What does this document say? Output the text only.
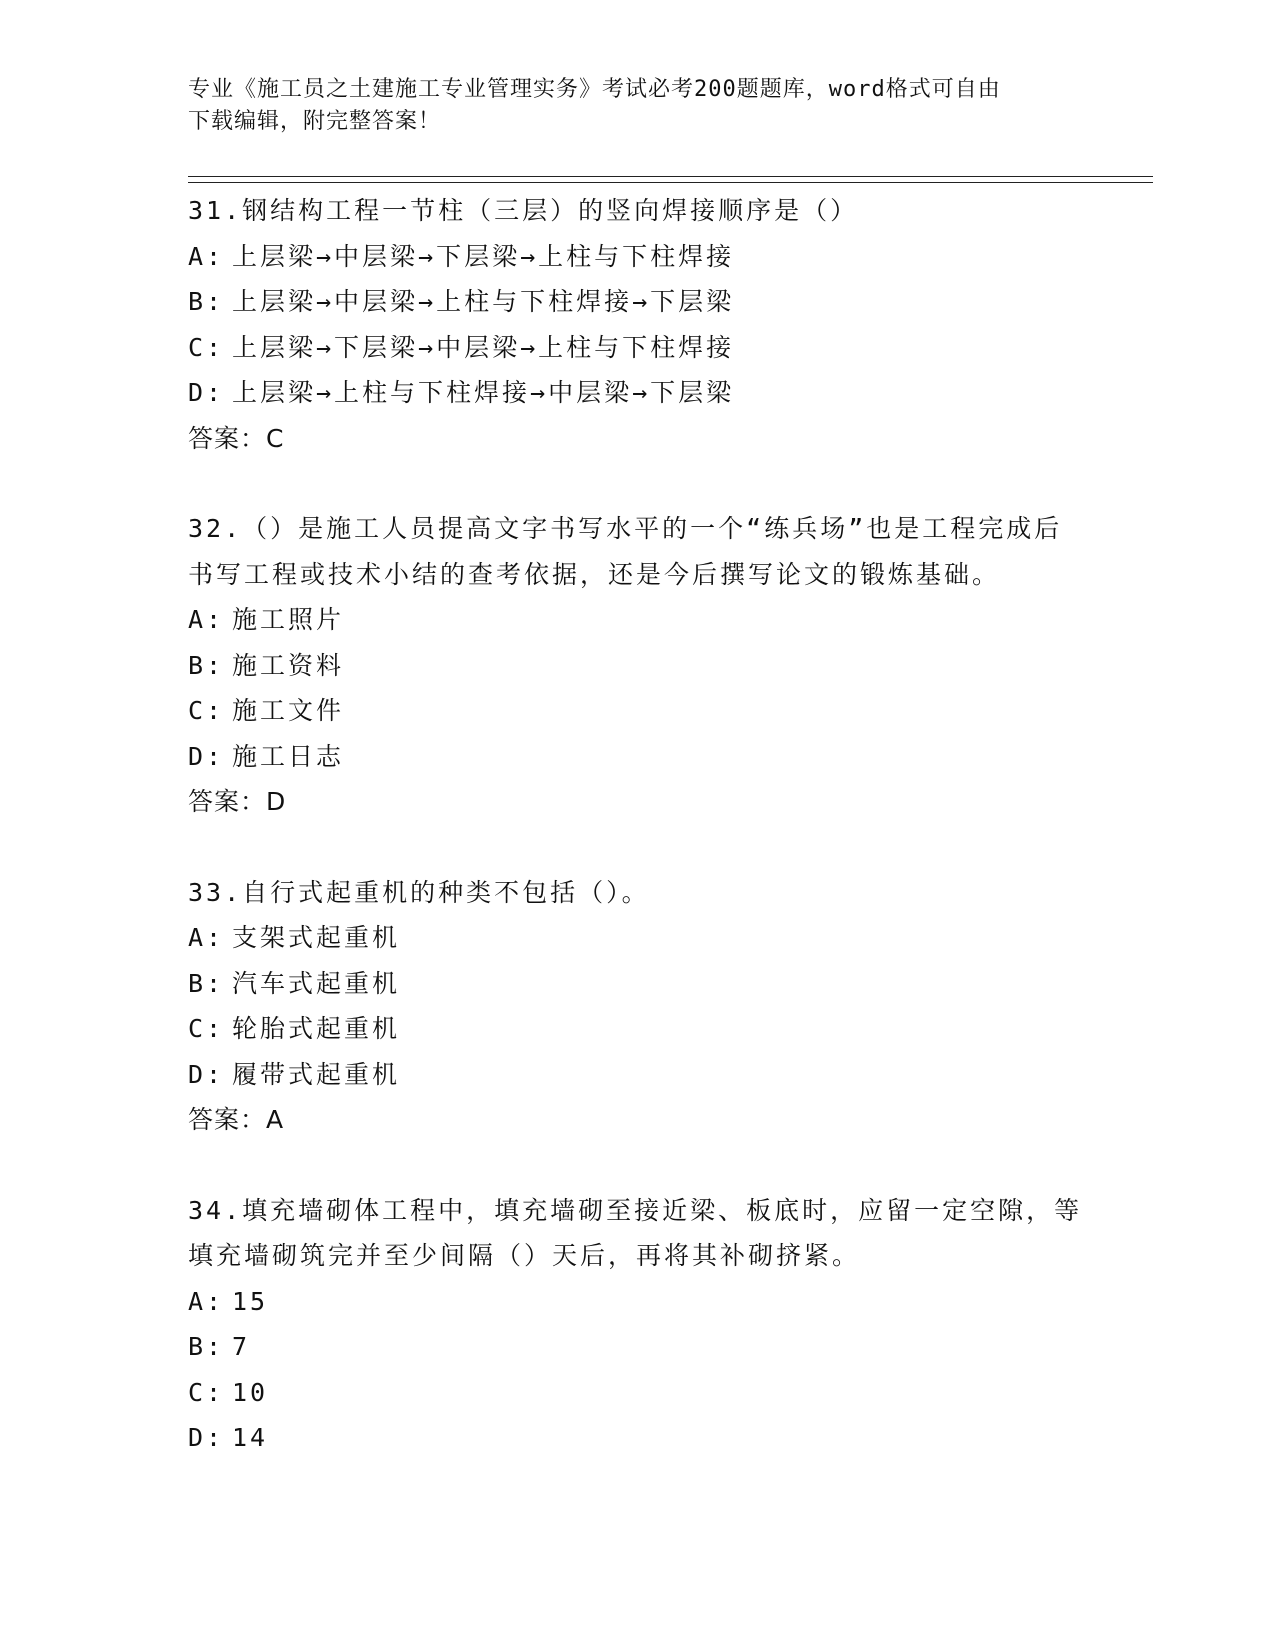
专业《施工员之土建施工专业管理实务》考试必考200题题库，word格式可自由
下载编辑，附完整答案！
31.钢结构工程一节柱（三层）的竖向焊接顺序是（）
A: 上层梁→中层梁→下层梁→上柱与下柱焊接
B: 上层梁→中层梁→上柱与下柱焊接→下层梁
C: 上层梁→下层梁→中层梁→上柱与下柱焊接
D: 上层梁→上柱与下柱焊接→中层梁→下层梁
答案：C
32.（）是施工人员提高文字书写水平的一个“练兵场”也是工程完成后书写工程或技术小结的查考依据，还是今后撰写论文的锻炼基础。
A: 施工照片
B: 施工资料
C: 施工文件
D: 施工日志
答案：D
33.自行式起重机的种类不包括（）。
A: 支架式起重机
B: 汽车式起重机
C: 轮胎式起重机
D: 履带式起重机
答案：A
34.填充墙砌体工程中，填充墙砌至接近梁、板底时，应留一定空隙，等填充墙砌筑完并至少间隔（）天后，再将其补砌挤紧。
A: 15
B: 7
C: 10
D: 14
